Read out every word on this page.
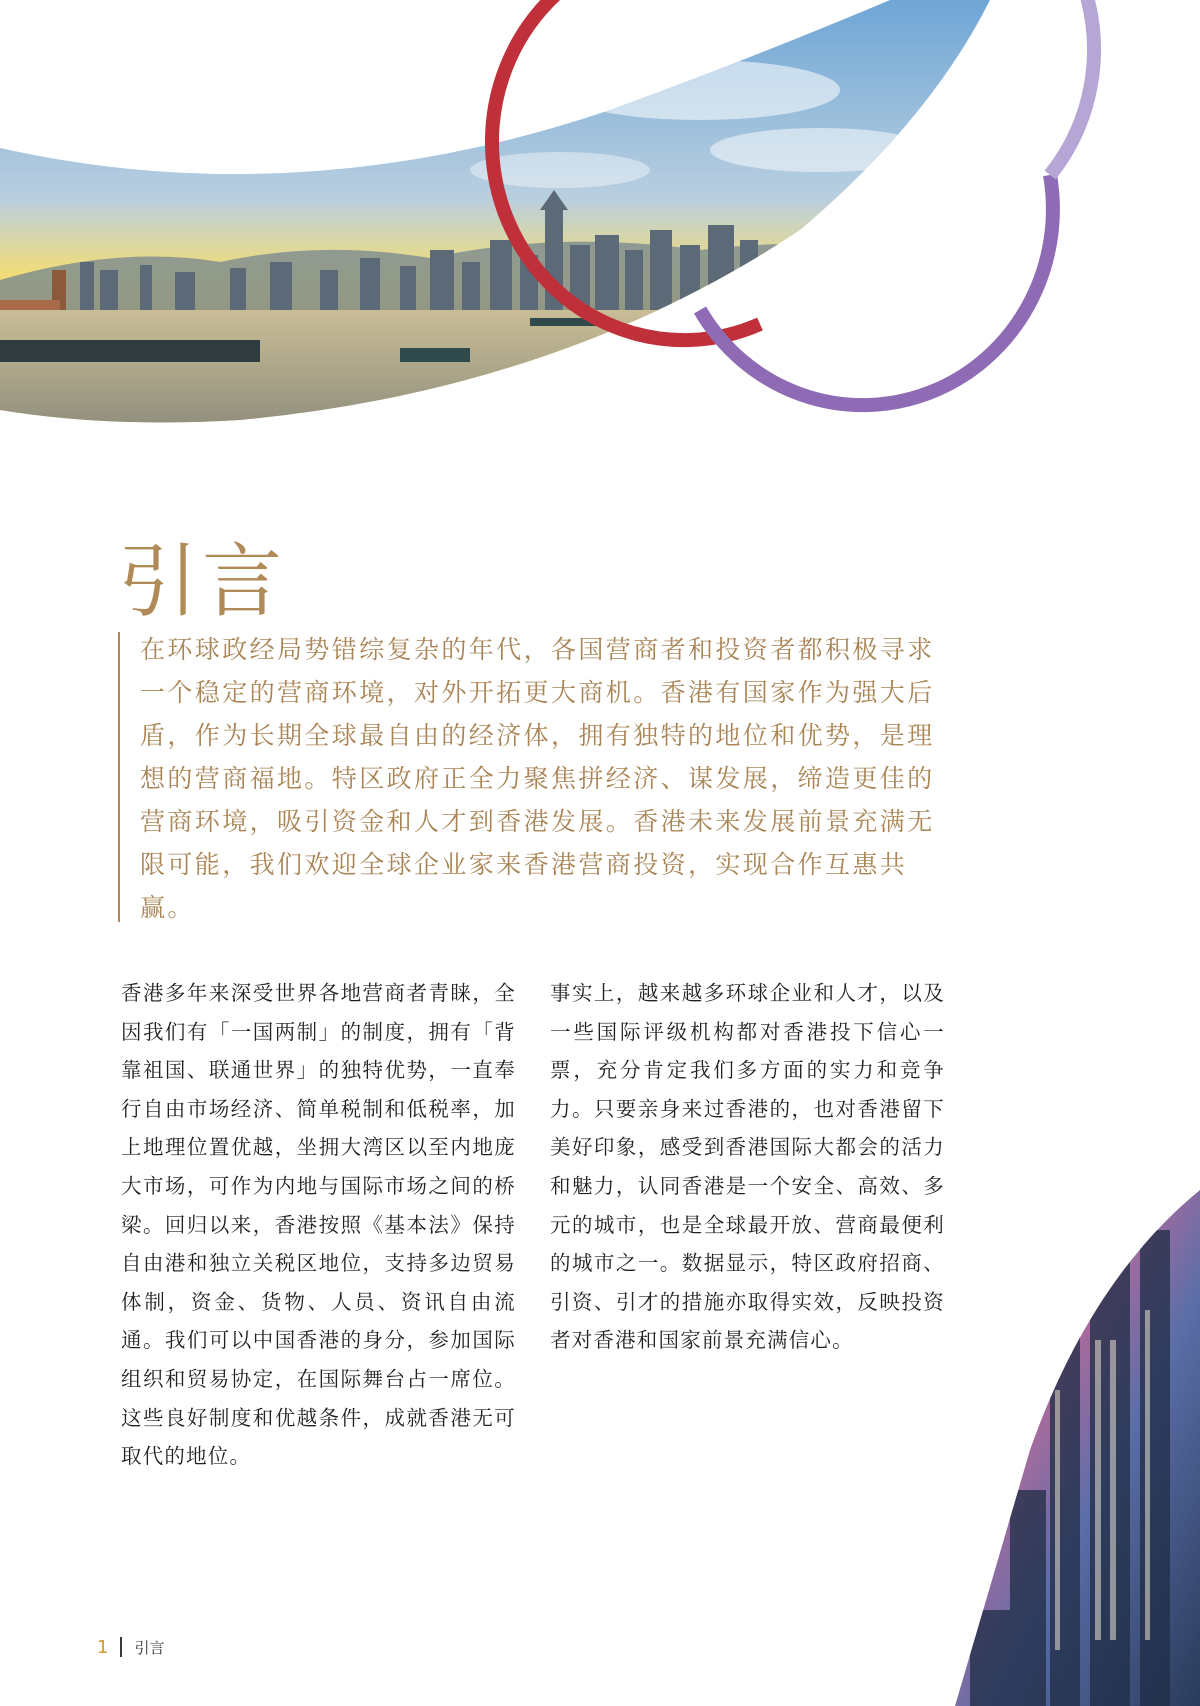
引言

在环球政经局势错综复杂的年代，各国营商者和投资者都积极寻求一个稳定的营商环境，对外开拓更大商机。香港有国家作为强大后盾，作为长期全球最自由的经济体，拥有独特的地位和优势，是理想的营商福地。特区政府正全力聚焦拼经济、谋发展，缔造更佳的营商环境，吸引资金和人才到香港发展。香港未来发展前景充满无限可能，我们欢迎全球企业家来香港营商投资，实现合作互惠共赢。

香港多年来深受世界各地营商者青睐，全因我们有「一国两制」的制度，拥有「背靠祖国、联通世界」的独特优势，一直奉行自由市场经济、简单税制和低税率，加上地理位置优越，坐拥大湾区以至内地庞大市场，可作为内地与国际市场之间的桥梁。回归以来，香港按照《基本法》保持自由港和独立关税区地位，支持多边贸易体制，资金、货物、人员、资讯自由流通。我们可以中国香港的身分，参加国际组织和贸易协定，在国际舞台占一席位。这些良好制度和优越条件，成就香港无可取代的地位。

事实上，越来越多环球企业和人才，以及一些国际评级机构都对香港投下信心一票，充分肯定我们多方面的实力和竞争力。只要亲身来过香港的，也对香港留下美好印象，感受到香港国际大都会的活力和魅力，认同香港是一个安全、高效、多元的城市，也是全球最开放、营商最便利的城市之一。数据显示，特区政府招商、引资、引才的措施亦取得实效，反映投资者对香港和国家前景充满信心。

1 引言
